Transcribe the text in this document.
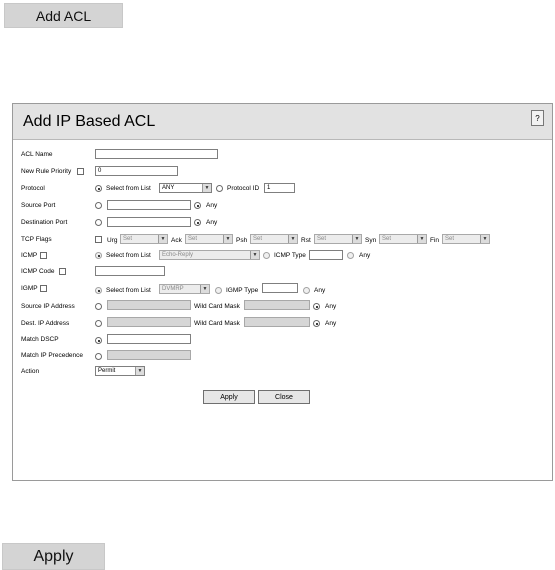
Add ACL
Add IP Based ACL	?
ACL Name
New Rule Priority	0
Protocol	Select from List	ANY	▼	Protocol ID	1
Source Port	Any
Destination Port	Any
TCP Flags	Urg Set	▼ Ack	Set	▼ Psh Set	▼ Rst	Set	▼ Syn Set	▼ Fin Set	▼
ICMP	Select from List	Echo-Reply	▼	ICMP Type	Any
ICMP Code
IGMP	Select from List	DVMRP	▼	IGMP Type	Any
Source IP Address	Wild Card Mask	Any
Dest. IP Address	Wild Card Mask	Any
Match DSCP
Match IP Precedence
Action	Permit	▼
Apply	Close
Apply
